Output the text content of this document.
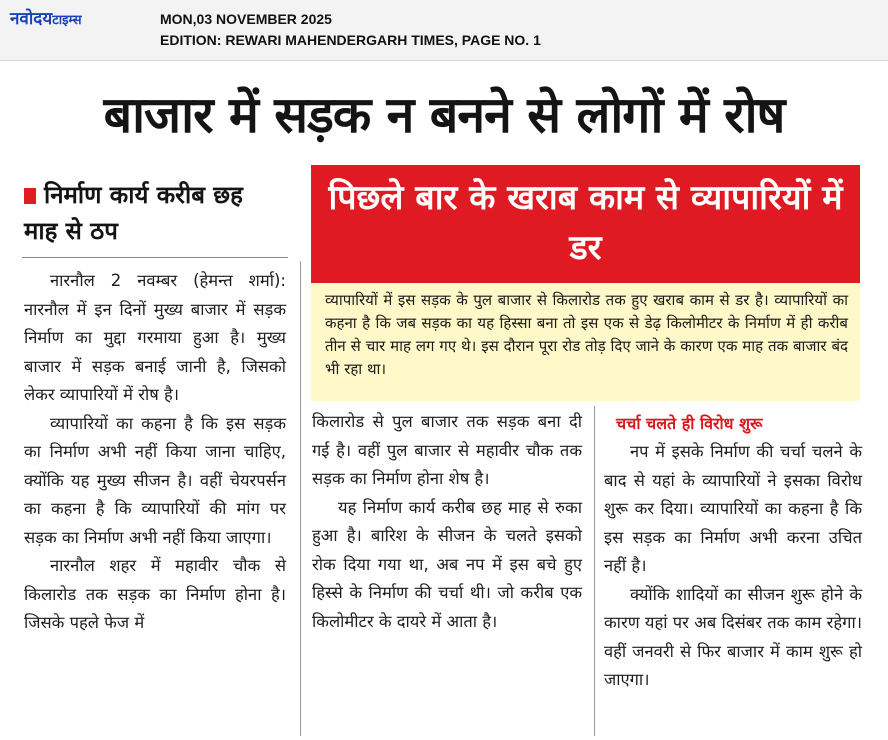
नवोदयटाइम्स	MON,03 NOVEMBER 2025
EDITION: REWARI MAHENDERGARH TIMES, PAGE NO. 1
बाजार में सड़क न बनने से लोगों में रोष
निर्माण कार्य करीब छह माह से ठप
पिछले बार के खराब काम से व्यापारियों में डर
व्यापारियों में इस सड़क के पुल बाजार से किलारोड तक हुए खराब काम से डर है। व्यापारियों का कहना है कि जब सड़क का यह हिस्सा बना तो इस एक से डेढ़ किलोमीटर के निर्माण में ही करीब तीन से चार माह लग गए थे। इस दौरान पूरा रोड तोड़ दिए जाने के कारण एक माह तक बाजार बंद भी रहा था।

नारनौल 2 नवम्बर (हेमन्त शर्मा): नारनौल में इन दिनों मुख्य बाजार में सड़क निर्माण का मुद्दा गरमाया हुआ है। मुख्य बाजार में सड़क बनाई जानी है, जिसको लेकर व्यापारियों में रोष है।

व्यापारियों का कहना है कि इस सड़क का निर्माण अभी नहीं किया जाना चाहिए, क्योंकि यह मुख्य सीजन है। वहीं चेयरपर्सन का कहना है कि व्यापारियों की मांग पर सड़क का निर्माण अभी नहीं किया जाएगा।

नारनौल शहर में महावीर चौक से किलारोड तक सड़क का निर्माण होना है। जिसके पहले फेज में

किलारोड से पुल बाजार तक सड़क बना दी गई है। वहीं पुल बाजार से महावीर चौक तक सड़क का निर्माण होना शेष है।

यह निर्माण कार्य करीब छह माह से रुका हुआ है। बारिश के सीजन के चलते इसको रोक दिया गया था, अब नप में इस बचे हुए हिस्से के निर्माण की चर्चा थी। जो करीब एक किलोमीटर के दायरे में आता है।

चर्चा चलते ही विरोध शुरू

नप में इसके निर्माण की चर्चा चलने के बाद से यहां के व्यापारियों ने इसका विरोध शुरू कर दिया। व्यापारियों का कहना है कि इस सड़क का निर्माण अभी करना उचित नहीं है।

क्योंकि शादियों का सीजन शुरू होने के कारण यहां पर अब दिसंबर तक काम रहेगा। वहीं जनवरी से फिर बाजार में काम शुरू हो जाएगा।
